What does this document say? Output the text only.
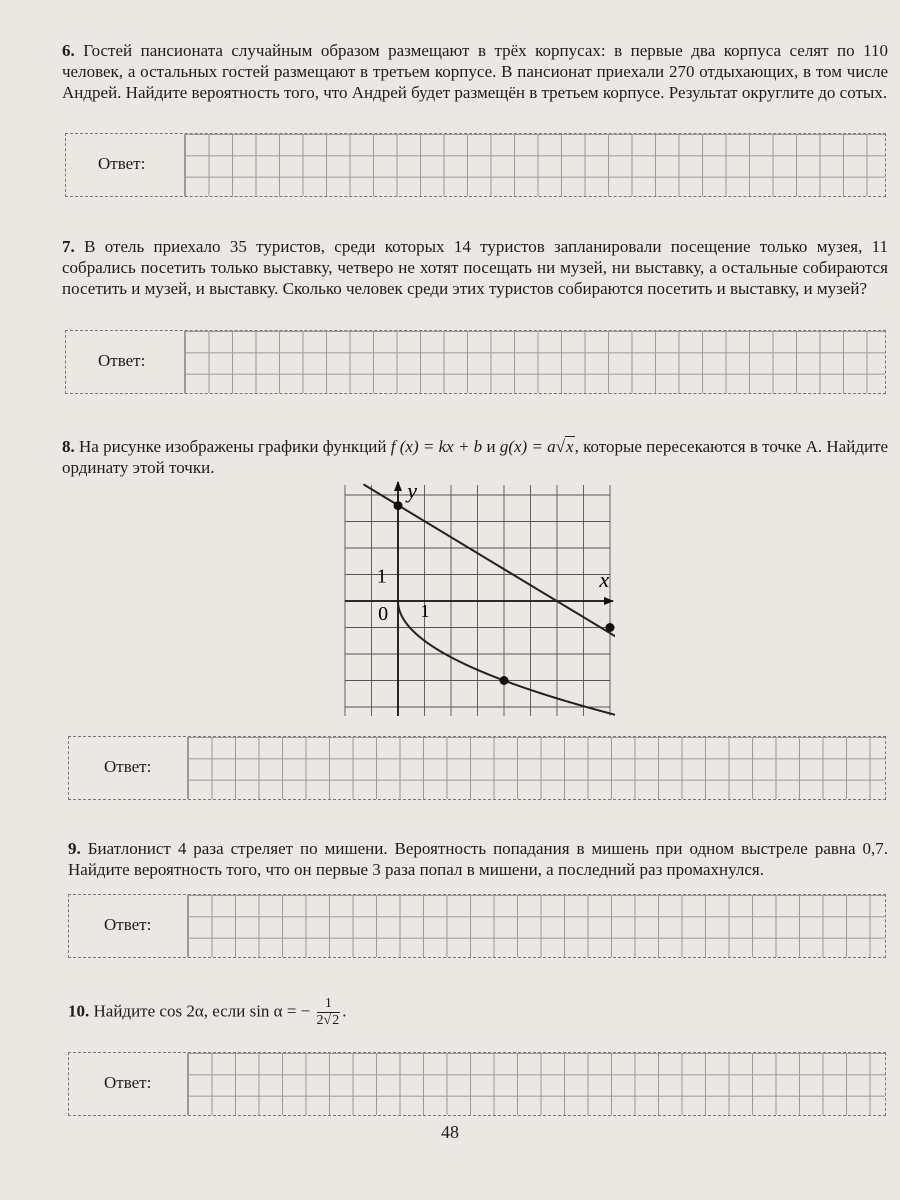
6. Гостей пансионата случайным образом размещают в трёх корпусах: в первые два корпуса селят по 110 человек, а остальных гостей размещают в третьем корпусе. В пансионат приехали 270 отдыхающих, в том числе Андрей. Найдите вероятность того, что Андрей будет размещён в третьем корпусе. Результат округлите до сотых.
Ответ:
7. В отель приехало 35 туристов, среди которых 14 туристов запланировали посещение только музея, 11 собрались посетить только выставку, четверо не хотят посещать ни музей, ни выставку, а остальные собираются посетить и музей, и выставку. Сколько человек среди этих туристов собираются посетить и выставку, и музей?
Ответ:
8. На рисунке изображены графики функций f (x) = kx + b и g(x) = a√x, которые пересекаются в точке A. Найдите ординату этой точки.
x
y
0 1
1
Ответ:
9. Биатлонист 4 раза стреляет по мишени. Вероятность попадания в мишень при одном выстреле равна 0,7. Найдите вероятность того, что он первые 3 раза попал в мишени, а последний раз промахнулся.
Ответ:
10. Найдите cos 2α, если sin α = − $\frac{1}{2√2}$ .
Ответ:
48
